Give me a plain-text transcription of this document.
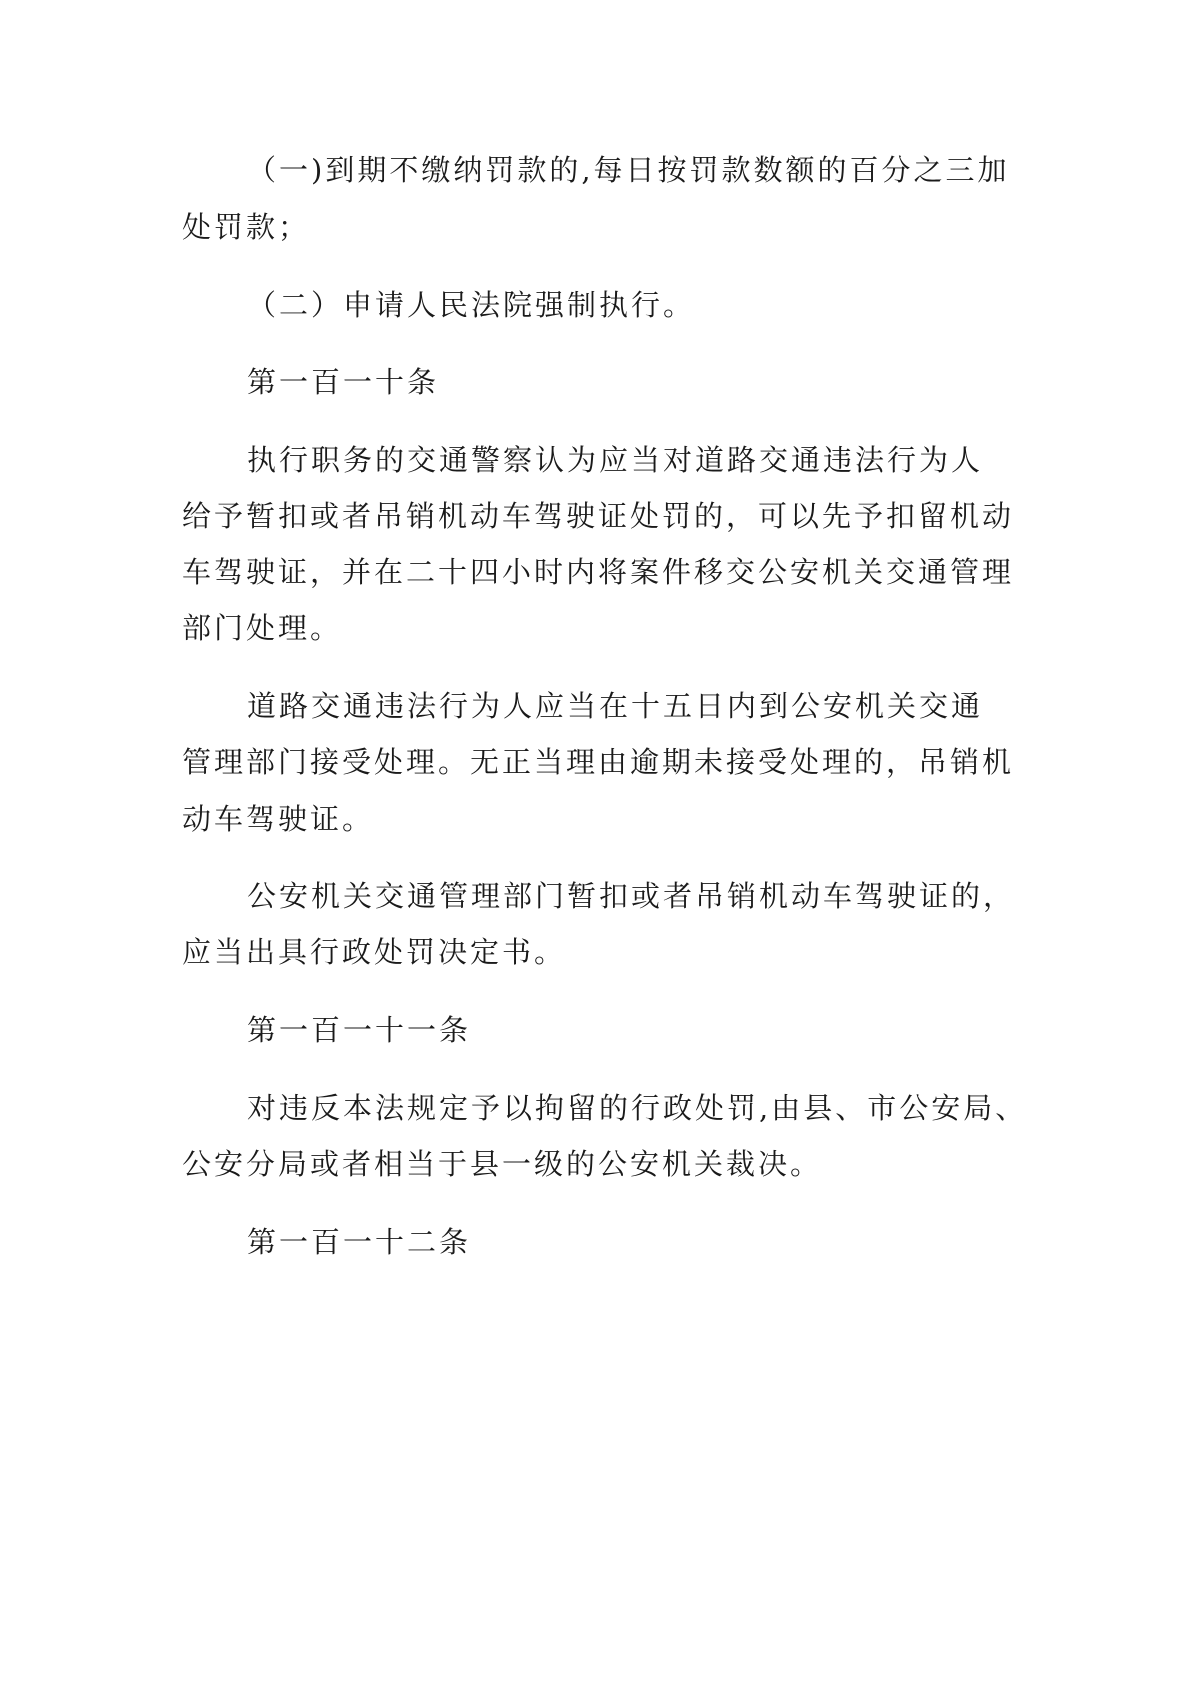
（一)到期不缴纳罚款的,每日按罚款数额的百分之三加
处罚款；
（二）申请人民法院强制执行。
第一百一十条
执行职务的交通警察认为应当对道路交通违法行为人
给予暂扣或者吊销机动车驾驶证处罚的，可以先予扣留机动
车驾驶证，并在二十四小时内将案件移交公安机关交通管理
部门处理。
道路交通违法行为人应当在十五日内到公安机关交通
管理部门接受处理。无正当理由逾期未接受处理的，吊销机
动车驾驶证。
公安机关交通管理部门暂扣或者吊销机动车驾驶证的，
应当出具行政处罚决定书。
第一百一十一条
对违反本法规定予以拘留的行政处罚,由县、市公安局、
公安分局或者相当于县一级的公安机关裁决。
第一百一十二条
